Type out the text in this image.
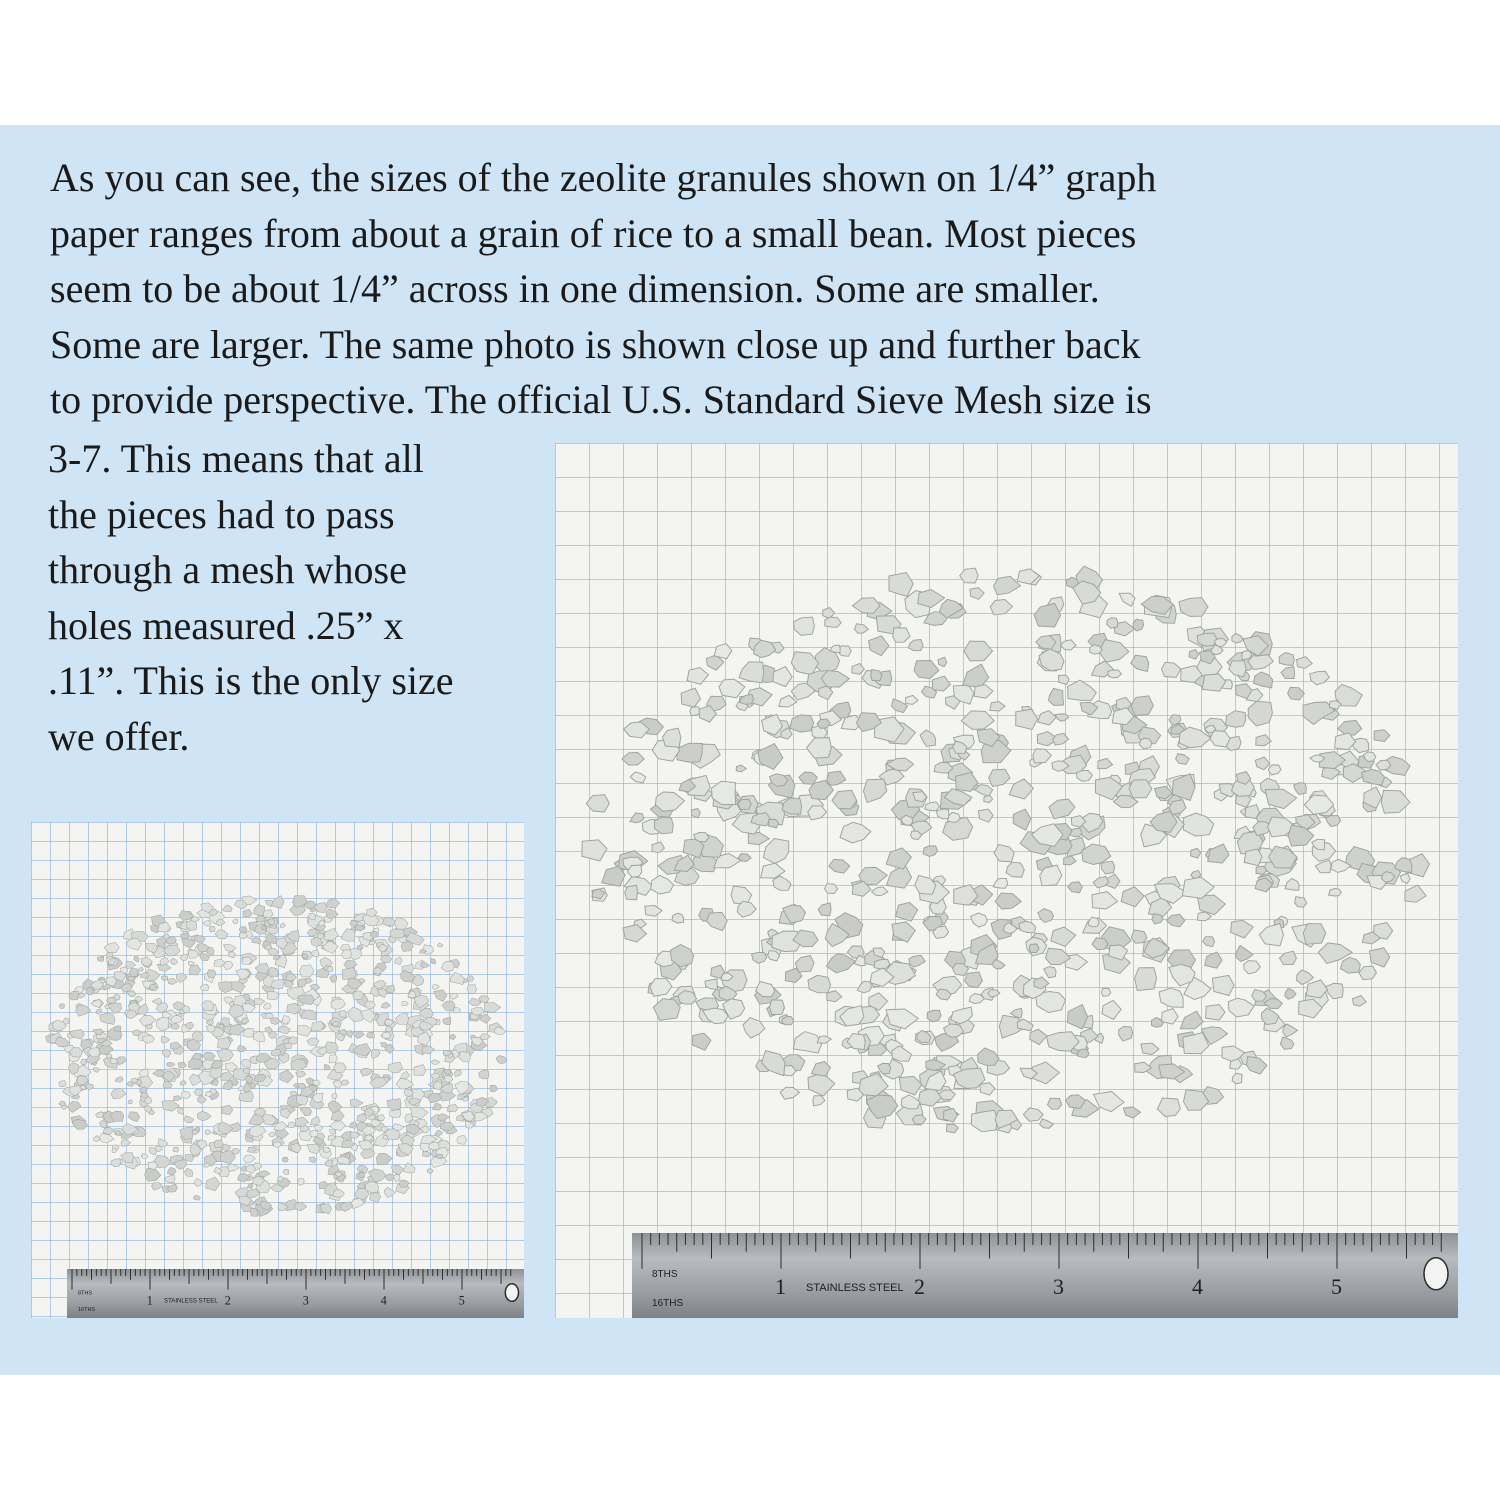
As you can see, the sizes of the zeolite granules shown on 1/4” graph
paper ranges from about a grain of rice to a small bean. Most pieces
seem to be about 1/4” across in one dimension. Some are smaller.
Some are larger. The same photo is shown close up and further back
to provide perspective. The official U.S. Standard Sieve Mesh size is
3-7. This means that all
the pieces had to pass
through a mesh whose
holes measured .25” x
.11”. This is the only size
we offer.
1	2	3	4	5
STAINLESS STEEL
8THS
16THS
1	2	3	4	5
STAINLESS STEEL
8THS
16THS
